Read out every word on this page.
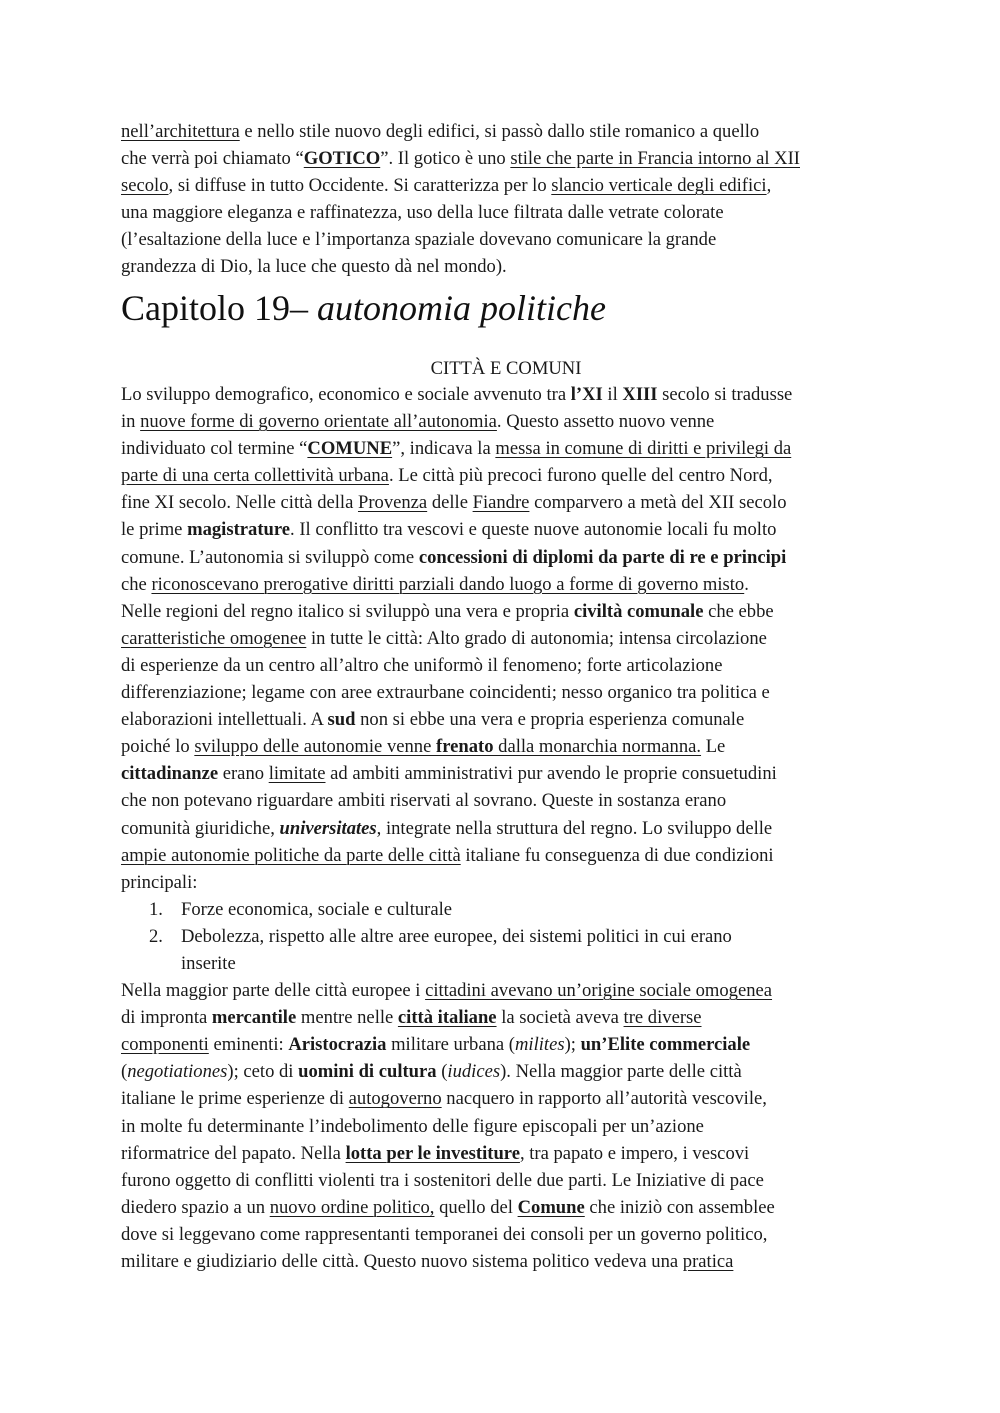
nell’architettura e nello stile nuovo degli edifici, si passò dallo stile romanico a quello
che verrà poi chiamato “GOTICO”. Il gotico è uno stile che parte in Francia intorno al XII
secolo, si diffuse in tutto Occidente. Si caratterizza per lo slancio verticale degli edifici,
una maggiore eleganza e raffinatezza, uso della luce filtrata dalle vetrate colorate
(l’esaltazione della luce e l’importanza spaziale dovevano comunicare la grande
grandezza di Dio, la luce che questo dà nel mondo).
Capitolo 19– autonomia politiche
CITTÀ E COMUNI
Lo sviluppo demografico, economico e sociale avvenuto tra l’XI il XIII secolo si tradusse
in nuove forme di governo orientate all’autonomia. Questo assetto nuovo venne
individuato col termine “COMUNE”, indicava la messa in comune di diritti e privilegi da
parte di una certa collettività urbana. Le città più precoci furono quelle del centro Nord,
fine XI secolo. Nelle città della Provenza delle Fiandre comparvero a metà del XII secolo
le prime magistrature. Il conflitto tra vescovi e queste nuove autonomie locali fu molto
comune. L’autonomia si sviluppò come concessioni di diplomi da parte di re e principi
che riconoscevano prerogative diritti parziali dando luogo a forme di governo misto.
Nelle regioni del regno italico si sviluppò una vera e propria civiltà comunale che ebbe
caratteristiche omogenee in tutte le città: Alto grado di autonomia; intensa circolazione
di esperienze da un centro all’altro che uniformò il fenomeno; forte articolazione
differenziazione; legame con aree extraurbane coincidenti; nesso organico tra politica e
elaborazioni intellettuali. A sud non si ebbe una vera e propria esperienza comunale
poiché lo sviluppo delle autonomie venne frenato dalla monarchia normanna. Le
cittadinanze erano limitate ad ambiti amministrativi pur avendo le proprie consuetudini
che non potevano riguardare ambiti riservati al sovrano. Queste in sostanza erano
comunità giuridiche, universitates, integrate nella struttura del regno. Lo sviluppo delle
ampie autonomie politiche da parte delle città italiane fu conseguenza di due condizioni
principali:
1. Forze economica, sociale e culturale
2. Debolezza, rispetto alle altre aree europee, dei sistemi politici in cui erano
inserite
Nella maggior parte delle città europee i cittadini avevano un’origine sociale omogenea
di impronta mercantile mentre nelle città italiane la società aveva tre diverse
componenti eminenti: Aristocrazia militare urbana (milites); un’Elite commerciale
(negotiationes); ceto di uomini di cultura (iudices). Nella maggior parte delle città
italiane le prime esperienze di autogoverno nacquero in rapporto all’autorità vescovile,
in molte fu determinante l’indebolimento delle figure episcopali per un’azione
riformatrice del papato. Nella lotta per le investiture, tra papato e impero, i vescovi
furono oggetto di conflitti violenti tra i sostenitori delle due parti. Le Iniziative di pace
diedero spazio a un nuovo ordine politico, quello del Comune che iniziò con assemblee
dove si leggevano come rappresentanti temporanei dei consoli per un governo politico,
militare e giudiziario delle città. Questo nuovo sistema politico vedeva una pratica
